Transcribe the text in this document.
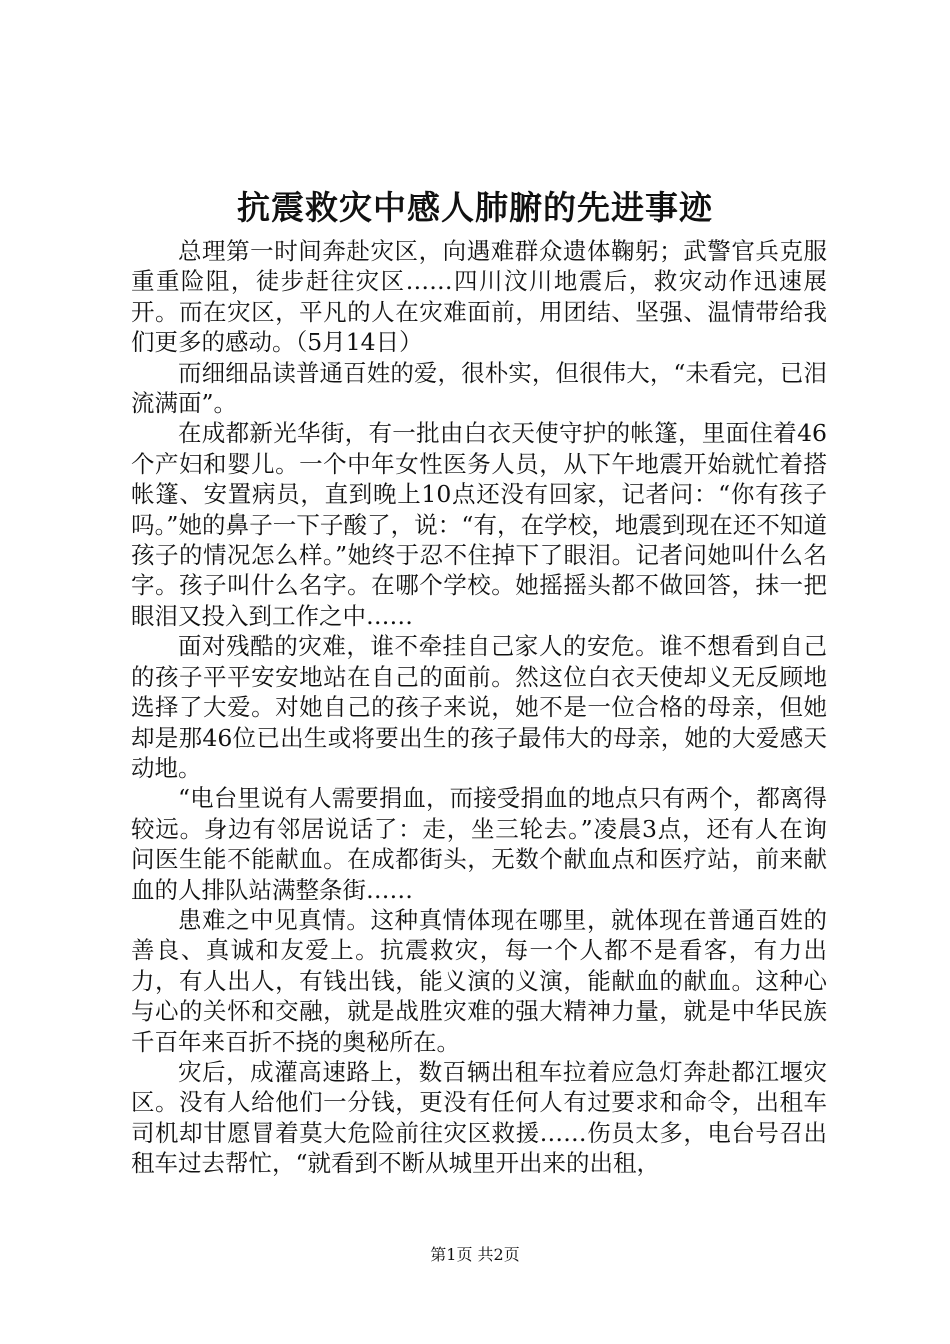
抗震救灾中感人肺腑的先进事迹

总理第一时间奔赴灾区，向遇难群众遗体鞠躬；武警官兵克服重重险阻，徒步赶往灾区……四川汶川地震后，救灾动作迅速展开。而在灾区，平凡的人在灾难面前，用团结、坚强、温情带给我们更多的感动。（5月14日）

而细细品读普通百姓的爱，很朴实，但很伟大，“未看完，已泪流满面”。

在成都新光华街，有一批由白衣天使守护的帐篷，里面住着46个产妇和婴儿。一个中年女性医务人员，从下午地震开始就忙着搭帐篷、安置病员，直到晚上10点还没有回家，记者问：“你有孩子吗。”她的鼻子一下子酸了，说：“有，在学校，地震到现在还不知道孩子的情况怎么样。”她终于忍不住掉下了眼泪。记者问她叫什么名字。孩子叫什么名字。在哪个学校。她摇摇头都不做回答，抹一把眼泪又投入到工作之中……

面对残酷的灾难，谁不牵挂自己家人的安危。谁不想看到自己的孩子平平安安地站在自己的面前。然这位白衣天使却义无反顾地选择了大爱。对她自己的孩子来说，她不是一位合格的母亲，但她却是那46位已出生或将要出生的孩子最伟大的母亲，她的大爱感天动地。

“电台里说有人需要捐血，而接受捐血的地点只有两个，都离得较远。身边有邻居说话了：走，坐三轮去。”凌晨3点，还有人在询问医生能不能献血。在成都街头，无数个献血点和医疗站，前来献血的人排队站满整条街……

患难之中见真情。这种真情体现在哪里，就体现在普通百姓的善良、真诚和友爱上。抗震救灾，每一个人都不是看客，有力出力，有人出人，有钱出钱，能义演的义演，能献血的献血。这种心与心的关怀和交融，就是战胜灾难的强大精神力量，就是中华民族千百年来百折不挠的奥秘所在。

灾后，成灌高速路上，数百辆出租车拉着应急灯奔赴都江堰灾区。没有人给他们一分钱，更没有任何人有过要求和命令，出租车司机却甘愿冒着莫大危险前往灾区救援……伤员太多，电台号召出租车过去帮忙，“就看到不断从城里开出来的出租，

第1页 共2页
